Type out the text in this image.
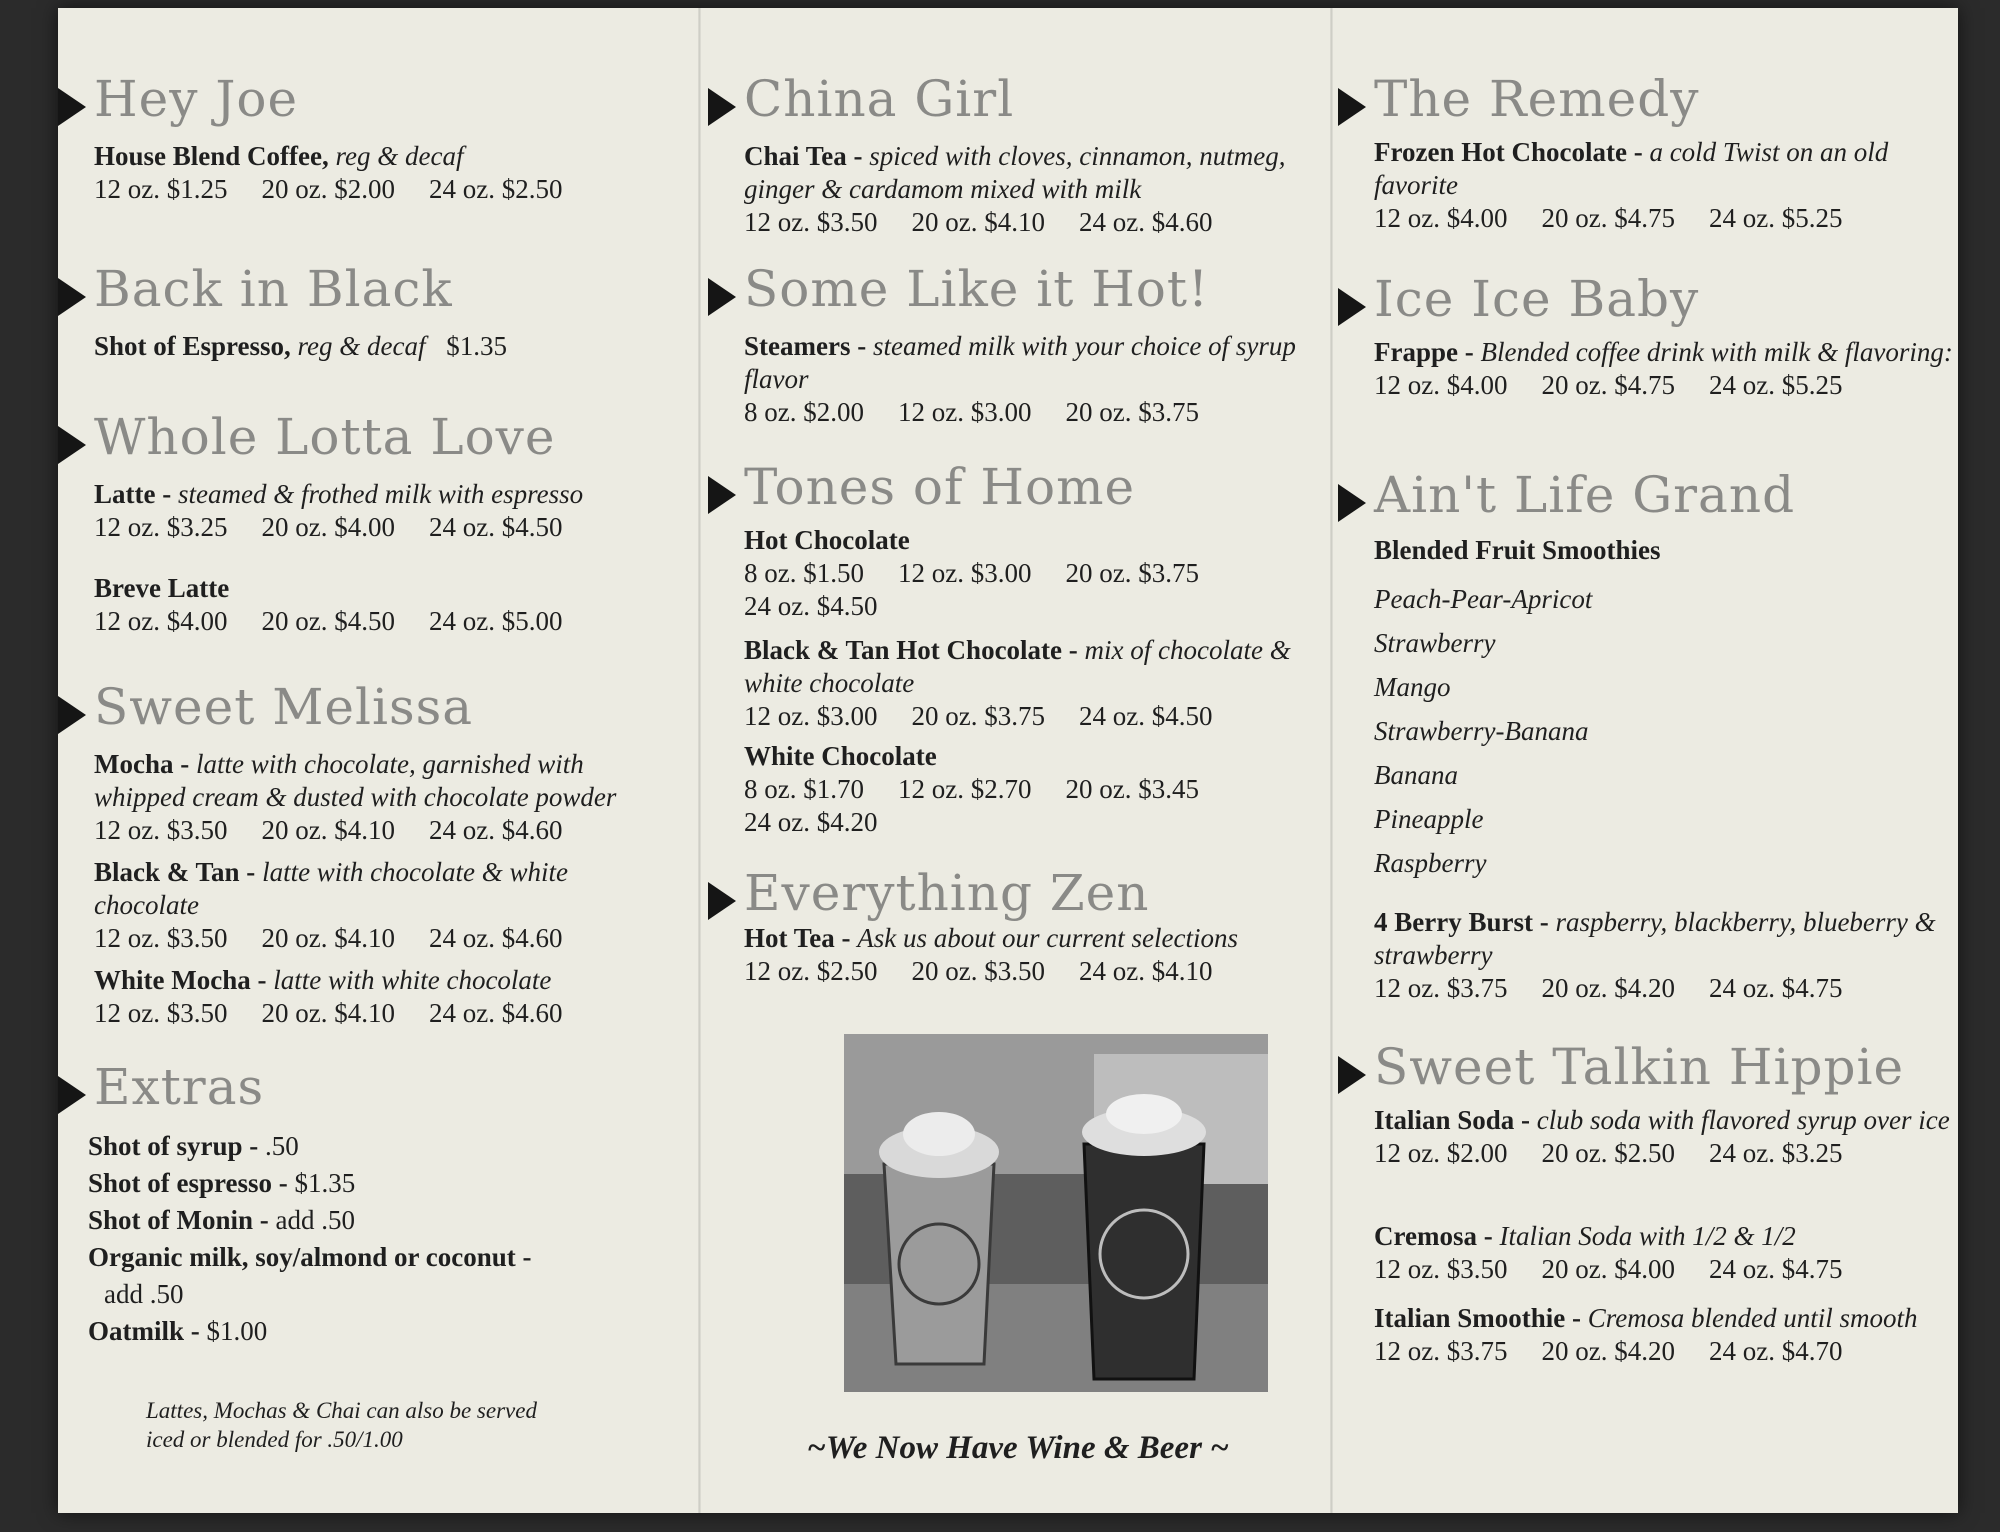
Hey Joe
House Blend Coffee, reg & decaf
12 oz. $1.25 20 oz. $2.00 24 oz. $2.50
Back in Black
Shot of Espresso, reg & decaf $1.35
Whole Lotta Love
Latte - steamed & frothed milk with espresso
12 oz. $3.25 20 oz. $4.00 24 oz. $4.50
Breve Latte
12 oz. $4.00 20 oz. $4.50 24 oz. $5.00
Sweet Melissa
Mocha - latte with chocolate, garnished with whipped cream & dusted with chocolate powder
12 oz. $3.50 20 oz. $4.10 24 oz. $4.60
Black & Tan - latte with chocolate & white chocolate
12 oz. $3.50 20 oz. $4.10 24 oz. $4.60
White Mocha - latte with white chocolate
12 oz. $3.50 20 oz. $4.10 24 oz. $4.60
Extras
Shot of syrup - .50
Shot of espresso - $1.35
Shot of Monin - add .50
Organic milk, soy/almond or coconut -
add .50
Oatmilk - $1.00
Lattes, Mochas & Chai can also be served iced or blended for .50/1.00
China Girl
Chai Tea - spiced with cloves, cinnamon, nutmeg, ginger & cardamom mixed with milk
12 oz. $3.50 20 oz. $4.10 24 oz. $4.60
Some Like it Hot!
Steamers - steamed milk with your choice of syrup flavor
8 oz. $2.00 12 oz. $3.00 20 oz. $3.75
Tones of Home
Hot Chocolate
8 oz. $1.50 12 oz. $3.00 20 oz. $3.75
24 oz. $4.50
Black & Tan Hot Chocolate - mix of chocolate & white chocolate
12 oz. $3.00 20 oz. $3.75 24 oz. $4.50
White Chocolate
8 oz. $1.70 12 oz. $2.70 20 oz. $3.45
24 oz. $4.20
Everything Zen
Hot Tea - Ask us about our current selections
12 oz. $2.50 20 oz. $3.50 24 oz. $4.10
~We Now Have Wine & Beer ~
The Remedy
Frozen Hot Chocolate - a cold Twist on an old favorite
12 oz. $4.00 20 oz. $4.75 24 oz. $5.25
Ice Ice Baby
Frappe - Blended coffee drink with milk & flavoring:
12 oz. $4.00 20 oz. $4.75 24 oz. $5.25
Ain't Life Grand
Blended Fruit Smoothies
Peach-Pear-Apricot
Strawberry
Mango
Strawberry-Banana
Banana
Pineapple
Raspberry
4 Berry Burst - raspberry, blackberry, blueberry & strawberry
12 oz. $3.75 20 oz. $4.20 24 oz. $4.75
Sweet Talkin Hippie
Italian Soda - club soda with flavored syrup over ice
12 oz. $2.00 20 oz. $2.50 24 oz. $3.25
Cremosa - Italian Soda with 1/2 & 1/2
12 oz. $3.50 20 oz. $4.00 24 oz. $4.75
Italian Smoothie - Cremosa blended until smooth
12 oz. $3.75 20 oz. $4.20 24 oz. $4.70
